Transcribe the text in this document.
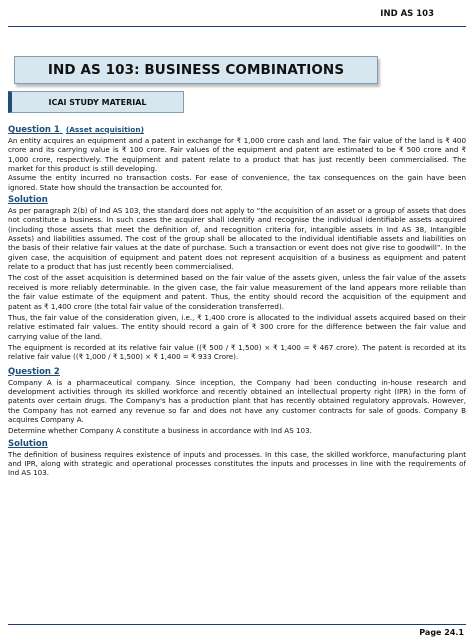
IND AS 103
IND AS 103: BUSINESS COMBINATIONS
ICAI STUDY MATERIAL
Question 1 (Asset acquisition)

An entity acquires an equipment and a patent in exchange for ₹ 1,000 crore cash and land. The fair value of the land is ₹ 400 crore and its carrying value is ₹ 100 crore. Fair values of the equipment and patent are estimated to be ₹ 500 crore and ₹ 1,000 crore, respectively. The equipment and patent relate to a product that has just recently been commercialised. The market for this product is still developing.

Assume the entity incurred no transaction costs. For ease of convenience, the tax consequences on the gain have been ignored. State how should the transaction be accounted for.

Solution

As per paragraph 2(b) of Ind AS 103, the standard does not apply to “the acquisition of an asset or a group of assets that does not constitute a business. In such cases the acquirer shall identify and recognise the individual identifiable assets acquired (including those assets that meet the definition of, and recognition criteria for, intangible assets in Ind AS 38, Intangible Assets) and liabilities assumed. The cost of the group shall be allocated to the individual identifiable assets and liabilities on the basis of their relative fair values at the date of purchase. Such a transaction or event does not give rise to goodwill”. In the given case, the acquisition of equipment and patent does not represent acquisition of a business as equipment and patent relate to a product that has just recently been commercialised.

The cost of the asset acquisition is determined based on the fair value of the assets given, unless the fair value of the assets received is more reliably determinable. In the given case, the fair value measurement of the land appears more reliable than the fair value estimate of the equipment and patent. Thus, the entity should record the acquisition of the equipment and patent as ₹ 1,400 crore (the total fair value of the consideration transferred).

Thus, the fair value of the consideration given, i.e., ₹ 1,400 crore is allocated to the individual assets acquired based on their relative estimated fair values. The entity should record a gain of ₹ 300 crore for the difference between the fair value and carrying value of the land.

The equipment is recorded at its relative fair value ((₹ 500 / ₹ 1,500) × ₹ 1,400 = ₹ 467 crore). The patent is recorded at its relative fair value ((₹ 1,000 / ₹ 1,500) × ₹ 1,400 = ₹ 933 Crore).

Question 2

Company A is a pharmaceutical company. Since inception, the Company had been conducting in-house research and development activities through its skilled workforce and recently obtained an intellectual property right (IPR) in the form of patents over certain drugs. The Company's has a production plant that has recently obtained regulatory approvals. However, the Company has not earned any revenue so far and does not have any customer contracts for sale of goods. Company B acquires Company A.

Determine whether Company A constitute a business in accordance with Ind AS 103.

Solution

The definition of business requires existence of inputs and processes. In this case, the skilled workforce, manufacturing plant and IPR, along with strategic and operational processes constitutes the inputs and processes in line with the requirements of Ind AS 103.

Page 24.1
